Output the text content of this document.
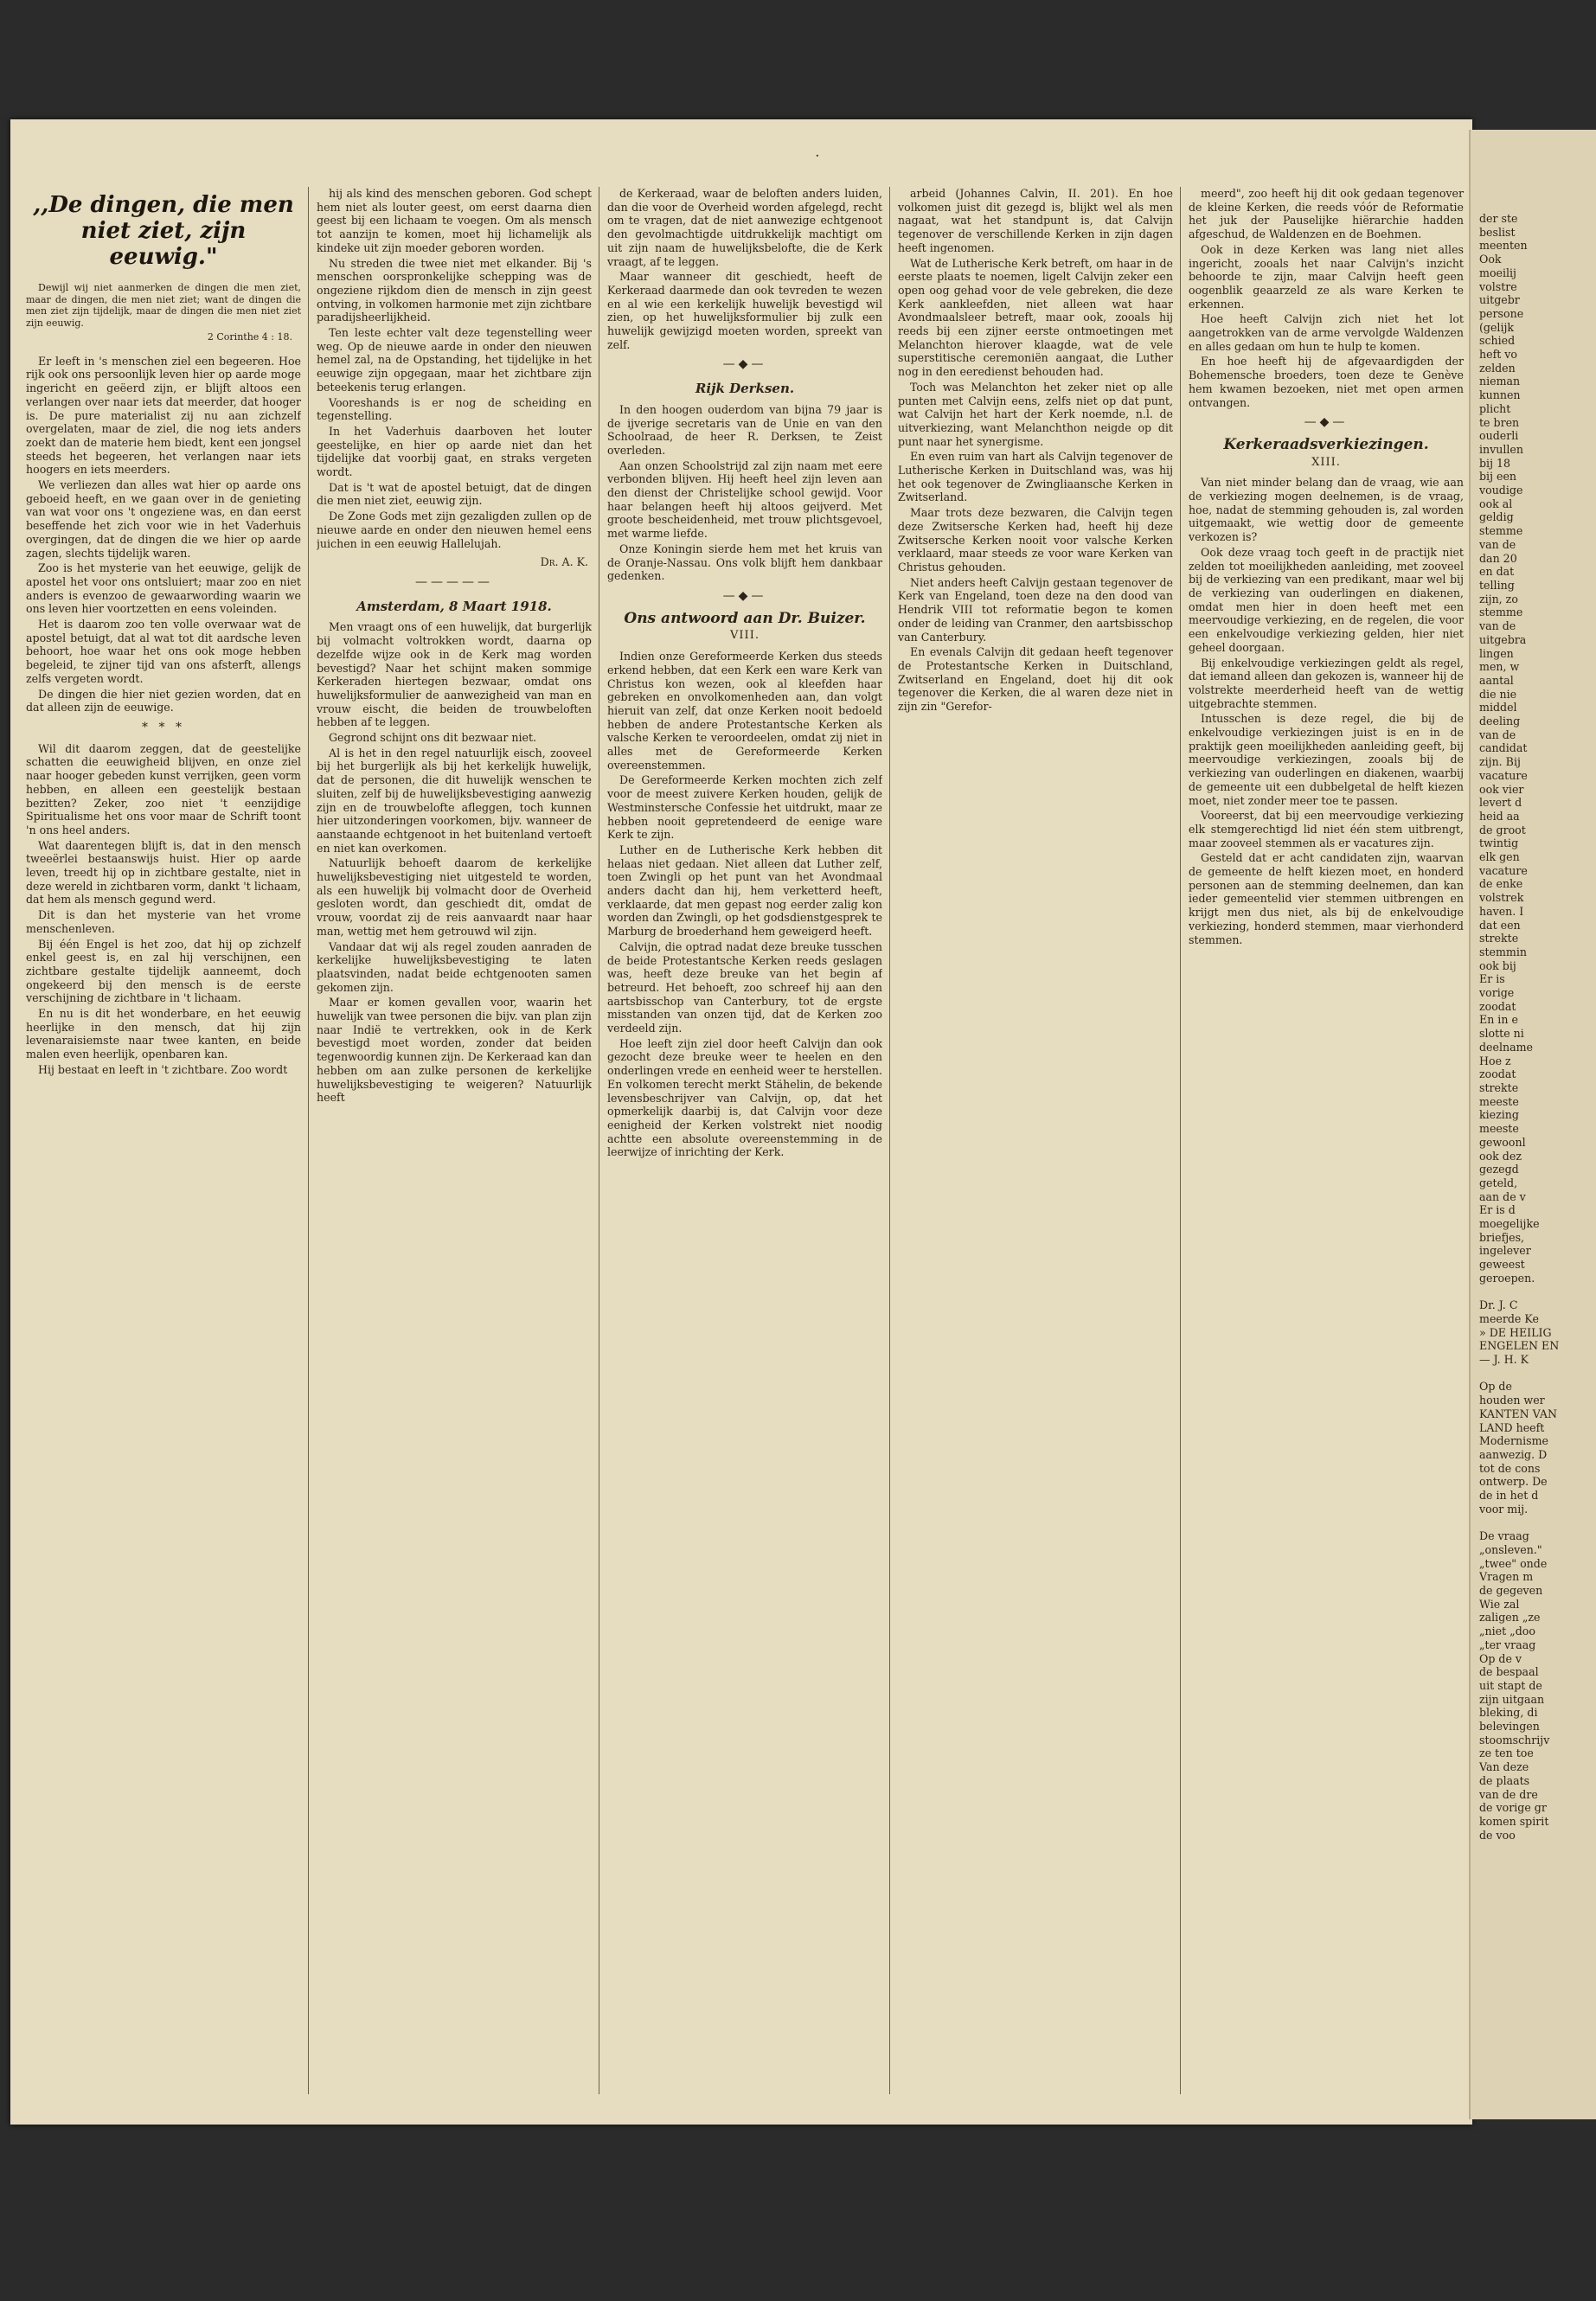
·
,,De dingen, die men niet ziet, zijn eeuwig."

Dewijl wij niet aanmerken de dingen die men ziet, maar de dingen, die men niet ziet; want de dingen die men ziet zijn tijdelijk, maar de dingen die men niet ziet zijn eeuwig.

2 Corinthe 4 : 18.

Er leeft in 's menschen ziel een begeeren. Hoe rijk ook ons persoonlijk leven hier op aarde moge ingericht en geëerd zijn, er blijft altoos een verlangen over naar iets dat meerder, dat hooger is. De pure materialist zij nu aan zichzelf overgelaten, maar de ziel, die nog iets anders zoekt dan de materie hem biedt, kent een jongsel steeds het begeeren, het verlangen naar iets hoogers en iets meerders.

We verliezen dan alles wat hier op aarde ons geboeid heeft, en we gaan over in de genieting van wat voor ons 't ongeziene was, en dan eerst beseffende het zich voor wie in het Vaderhuis overgingen, dat de dingen die we hier op aarde zagen, slechts tijdelijk waren.

Zoo is het mysterie van het eeuwige, gelijk de apostel het voor ons ontsluiert; maar zoo en niet anders is evenzoo de gewaarwording waarin we ons leven hier voortzetten en eens voleinden.

Het is daarom zoo ten volle overwaar wat de apostel betuigt, dat al wat tot dit aardsche leven behoort, hoe waar het ons ook moge hebben begeleid, te zijner tijd van ons afsterft, allengs zelfs vergeten wordt.

De dingen die hier niet gezien worden, dat en dat alleen zijn de eeuwige.

* * *

Wil dit daarom zeggen, dat de geestelijke schatten die eeuwigheid blijven, en onze ziel naar hooger gebeden kunst verrijken, geen vorm hebben, en alleen een geestelijk bestaan bezitten? Zeker, zoo niet 't eenzijdige Spiritualisme het ons voor maar de Schrift toont 'n ons heel anders.

Wat daarentegen blijft is, dat in den mensch tweeërlei bestaanswijs huist. Hier op aarde leven, treedt hij op in zichtbare gestalte, niet in deze wereld in zichtbaren vorm, dankt 't lichaam, dat hem als mensch gegund werd.

Dit is dan het mysterie van het vrome menschenleven.

Bij één Engel is het zoo, dat hij op zichzelf enkel geest is, en zal hij verschijnen, een zichtbare gestalte tijdelijk aanneemt, doch ongekeerd bij den mensch is de eerste verschijning de zichtbare in 't lichaam.

En nu is dit het wonderbare, en het eeuwig heerlijke in den mensch, dat hij zijn levenaraisiemste naar twee kanten, en beide malen even heerlijk, openbaren kan.

Hij bestaat en leeft in 't zichtbare. Zoo wordt

hij als kind des menschen geboren. God schept hem niet als louter geest, om eerst daarna dien geest bij een lichaam te voegen. Om als mensch tot aanzijn te komen, moet hij lichamelijk als kindeke uit zijn moeder geboren worden.

Nu streden die twee niet met elkander. Bij 's menschen oorspronkelijke schepping was de ongeziene rijkdom dien de mensch in zijn geest ontving, in volkomen harmonie met zijn zichtbare paradijsheerlijkheid.

Ten leste echter valt deze tegenstelling weer weg. Op de nieuwe aarde in onder den nieuwen hemel zal, na de Opstanding, het tijdelijke in het eeuwige zijn opgegaan, maar het zichtbare zijn beteekenis terug erlangen.

Vooreshands is er nog de scheiding en tegenstelling.

In het Vaderhuis daarboven het louter geestelijke, en hier op aarde niet dan het tijdelijke dat voorbij gaat, en straks vergeten wordt.

Dat is 't wat de apostel betuigt, dat de dingen die men niet ziet, eeuwig zijn.

De Zone Gods met zijn gezaligden zullen op de nieuwe aarde en onder den nieuwen hemel eens juichen in een eeuwig Hallelujah.

Dr. A. K.
—————
Amsterdam, 8 Maart 1918.

Men vraagt ons of een huwelijk, dat burgerlijk bij volmacht voltrokken wordt, daarna op dezelfde wijze ook in de Kerk mag worden bevestigd? Naar het schijnt maken sommige Kerkeraden hiertegen bezwaar, omdat ons huwelijksformulier de aanwezigheid van man en vrouw eischt, die beiden de trouwbeloften hebben af te leggen.

Gegrond schijnt ons dit bezwaar niet.

Al is het in den regel natuurlijk eisch, zooveel bij het burgerlijk als bij het kerkelijk huwelijk, dat de personen, die dit huwelijk wenschen te sluiten, zelf bij de huwelijksbevestiging aanwezig zijn en de trouwbelofte afleggen, toch kunnen hier uitzonderingen voorkomen, bijv. wanneer de aanstaande echtgenoot in het buitenland vertoeft en niet kan overkomen.

Natuurlijk behoeft daarom de kerkelijke huwelijksbevestiging niet uitgesteld te worden, als een huwelijk bij volmacht door de Overheid gesloten wordt, dan geschiedt dit, omdat de vrouw, voordat zij de reis aanvaardt naar haar man, wettig met hem getrouwd wil zijn.

Vandaar dat wij als regel zouden aanraden de kerkelijke huwelijksbevestiging te laten plaatsvinden, nadat beide echtgenooten samen gekomen zijn.

Maar er komen gevallen voor, waarin het huwelijk van twee personen die bijv. van plan zijn naar Indië te vertrekken, ook in de Kerk bevestigd moet worden, zonder dat beiden tegenwoordig kunnen zijn. De Kerkeraad kan dan hebben om aan zulke personen de kerkelijke huwelijksbevestiging te weigeren? Natuurlijk heeft

de Kerkeraad, waar de beloften anders luiden, dan die voor de Overheid worden afgelegd, recht om te vragen, dat de niet aanwezige echtgenoot den gevolmachtigde uitdrukkelijk machtigt om uit zijn naam de huwelijksbelofte, die de Kerk vraagt, af te leggen.

Maar wanneer dit geschiedt, heeft de Kerkeraad daarmede dan ook tevreden te wezen en al wie een kerkelijk huwelijk bevestigd wil zien, op het huwelijksformulier bij zulk een huwelijk gewijzigd moeten worden, spreekt van zelf.

—◆—
Rijk Derksen.

In den hoogen ouderdom van bijna 79 jaar is de ijverige secretaris van de Unie en van den Schoolraad, de heer R. Derksen, te Zeist overleden.

Aan onzen Schoolstrijd zal zijn naam met eere verbonden blijven. Hij heeft heel zijn leven aan den dienst der Christelijke school gewijd. Voor haar belangen heeft hij altoos geijverd. Met groote bescheidenheid, met trouw plichtsgevoel, met warme liefde.

Onze Koningin sierde hem met het kruis van de Oranje-Nassau. Ons volk blijft hem dankbaar gedenken.

—◆—
Ons antwoord aan Dr. Buizer.
VIII.

Indien onze Gereformeerde Kerken dus steeds erkend hebben, dat een Kerk een ware Kerk van Christus kon wezen, ook al kleefden haar gebreken en onvolkomenheden aan, dan volgt hieruit van zelf, dat onze Kerken nooit bedoeld hebben de andere Protestantsche Kerken als valsche Kerken te veroordeelen, omdat zij niet in alles met de Gereformeerde Kerken overeenstemmen.

De Gereformeerde Kerken mochten zich zelf voor de meest zuivere Kerken houden, gelijk de Westminstersche Confessie het uitdrukt, maar ze hebben nooit gepretendeerd de eenige ware Kerk te zijn.

Luther en de Lutherische Kerk hebben dit helaas niet gedaan. Niet alleen dat Luther zelf, toen Zwingli op het punt van het Avondmaal anders dacht dan hij, hem verketterd heeft, verklaarde, dat men gepast nog eerder zalig kon worden dan Zwingli, op het godsdienstgesprek te Marburg de broederhand hem geweigerd heeft.

Calvijn, die optrad nadat deze breuke tusschen de beide Protestantsche Kerken reeds geslagen was, heeft deze breuke van het begin af betreurd. Het behoeft, zoo schreef hij aan den aartsbisschop van Canterbury, tot de ergste misstanden van onzen tijd, dat de Kerken zoo verdeeld zijn.

Hoe leeft zijn ziel door heeft Calvijn dan ook gezocht deze breuke weer te heelen en den onderlingen vrede en eenheid weer te herstellen. En volkomen terecht merkt Stähelin, de bekende levensbeschrijver van Calvijn, op, dat het opmerkelijk daarbij is, dat Calvijn voor deze eenigheid der Kerken volstrekt niet noodig achtte een absolute overeenstemming in de leerwijze of inrichting der Kerk.

arbeid (Johannes Calvin, II. 201). En hoe volkomen juist dit gezegd is, blijkt wel als men nagaat, wat het standpunt is, dat Calvijn tegenover de verschillende Kerken in zijn dagen heeft ingenomen.

Wat de Lutherische Kerk betreft, om haar in de eerste plaats te noemen, ligelt Calvijn zeker een open oog gehad voor de vele gebreken, die deze Kerk aankleefden, niet alleen wat haar Avondmaalsleer betreft, maar ook, zooals hij reeds bij een zijner eerste ontmoetingen met Melanchton hierover klaagde, wat de vele superstitische ceremoniën aangaat, die Luther nog in den eeredienst behouden had.

Toch was Melanchton het zeker niet op alle punten met Calvijn eens, zelfs niet op dat punt, wat Calvijn het hart der Kerk noemde, n.l. de uitverkiezing, want Melanchthon neigde op dit punt naar het synergisme.

En even ruim van hart als Calvijn tegenover de Lutherische Kerken in Duitschland was, was hij het ook tegenover de Zwingliaansche Kerken in Zwitserland.

Maar trots deze bezwaren, die Calvijn tegen deze Zwitsersche Kerken had, heeft hij deze Zwitsersche Kerken nooit voor valsche Kerken verklaard, maar steeds ze voor ware Kerken van Christus gehouden.

Niet anders heeft Calvijn gestaan tegenover de Kerk van Engeland, toen deze na den dood van Hendrik VIII tot reformatie begon te komen onder de leiding van Cranmer, den aartsbisschop van Canterbury.

En evenals Calvijn dit gedaan heeft tegenover de Protestantsche Kerken in Duitschland, Zwitserland en Engeland, doet hij dit ook tegenover die Kerken, die al waren deze niet in zijn zin "Gerefor-

meerd", zoo heeft hij dit ook gedaan tegenover de kleine Kerken, die reeds vóór de Reformatie het juk der Pauselijke hiërarchie hadden afgeschud, de Waldenzen en de Boehmen.

Ook in deze Kerken was lang niet alles ingericht, zooals het naar Calvijn's inzicht behoorde te zijn, maar Calvijn heeft geen oogenblik geaarzeld ze als ware Kerken te erkennen.

Hoe heeft Calvijn zich niet het lot aangetrokken van de arme vervolgde Waldenzen en alles gedaan om hun te hulp te komen.

En hoe heeft hij de afgevaardigden der Bohemensche broeders, toen deze te Genève hem kwamen bezoeken, niet met open armen ontvangen.

—◆—
Kerkeraadsverkiezingen.
XIII.

Van niet minder belang dan de vraag, wie aan de verkiezing mogen deelnemen, is de vraag, hoe, nadat de stemming gehouden is, zal worden uitgemaakt, wie wettig door de gemeente verkozen is?

Ook deze vraag toch geeft in de practijk niet zelden tot moeilijkheden aanleiding, met zooveel bij de verkiezing van een predikant, maar wel bij de verkiezing van ouderlingen en diakenen, omdat men hier in doen heeft met een meervoudige verkiezing, en de regelen, die voor een enkelvoudige verkiezing gelden, hier niet geheel doorgaan.

Bij enkelvoudige verkiezingen geldt als regel, dat iemand alleen dan gekozen is, wanneer hij de volstrekte meerderheid heeft van de wettig uitgebrachte stemmen.

Intusschen is deze regel, die bij de enkelvoudige verkiezingen juist is en in de praktijk geen moeilijkheden aanleiding geeft, bij meervoudige verkiezingen, zooals bij de verkiezing van ouderlingen en diakenen, waarbij de gemeente uit een dubbelgetal de helft kiezen moet, niet zonder meer toe te passen.

Vooreerst, dat bij een meervoudige verkiezing elk stemgerechtigd lid niet één stem uitbrengt, maar zooveel stemmen als er vacatures zijn.

Gesteld dat er acht candidaten zijn, waarvan de gemeente de helft kiezen moet, en honderd personen aan de stemming deelnemen, dan kan ieder gemeentelid vier stemmen uitbrengen en krijgt men dus niet, als bij de enkelvoudige verkiezing, honderd stemmen, maar vierhonderd stemmen.

der ste
beslist
meenten
Ook
moeilij
volstre
uitgebr
persone
(gelijk
schied
heft vo
zelden
nieman
kunnen
plicht
te bren
ouderli
invullen
bij 18
bij een
voudige
ook al
geldig
stemme
van de
dan 20
en dat
telling
zijn, zo
stemme
van de
uitgebra
lingen
men, w
aantal
die nie
middel
deeling
van de
candidat
zijn. Bij
vacature
ook vier
levert d
heid aa
de groot
twintig
elk gen
vacature
de enke
volstrek
haven. I
dat een
strekte
stemmin
ook bij
Er is
vorige
zoodat
En in e
slotte ni
deelname
Hoe z
zoodat
strekte
meeste
kiezing
meeste
gewoonl
ook dez
gezegd
geteld,
aan de v
Er is d
moegelijke
briefjes,
ingelever
geweest
geroepen.

Dr. J. C
meerde Ke
» DE HEILIG
ENGELEN EN
— J. H. K

Op de
houden wer
KANTEN VAN
LAND heeft
Modernisme
aanwezig. D
tot de cons
ontwerp. De
de in het d
voor mij.

De vraag
„onsleven."
„twee" onde
Vragen m
de gegeven
Wie zal
zaligen „ze
„niet „doo
„ter vraag
Op de v
de bespaal
uit stapt de
zijn uitgaan
bleking, di
belevingen
stoomschrijv
ze ten toe
Van deze
de plaats
van de dre
de vorige gr
komen spirit
de voo
